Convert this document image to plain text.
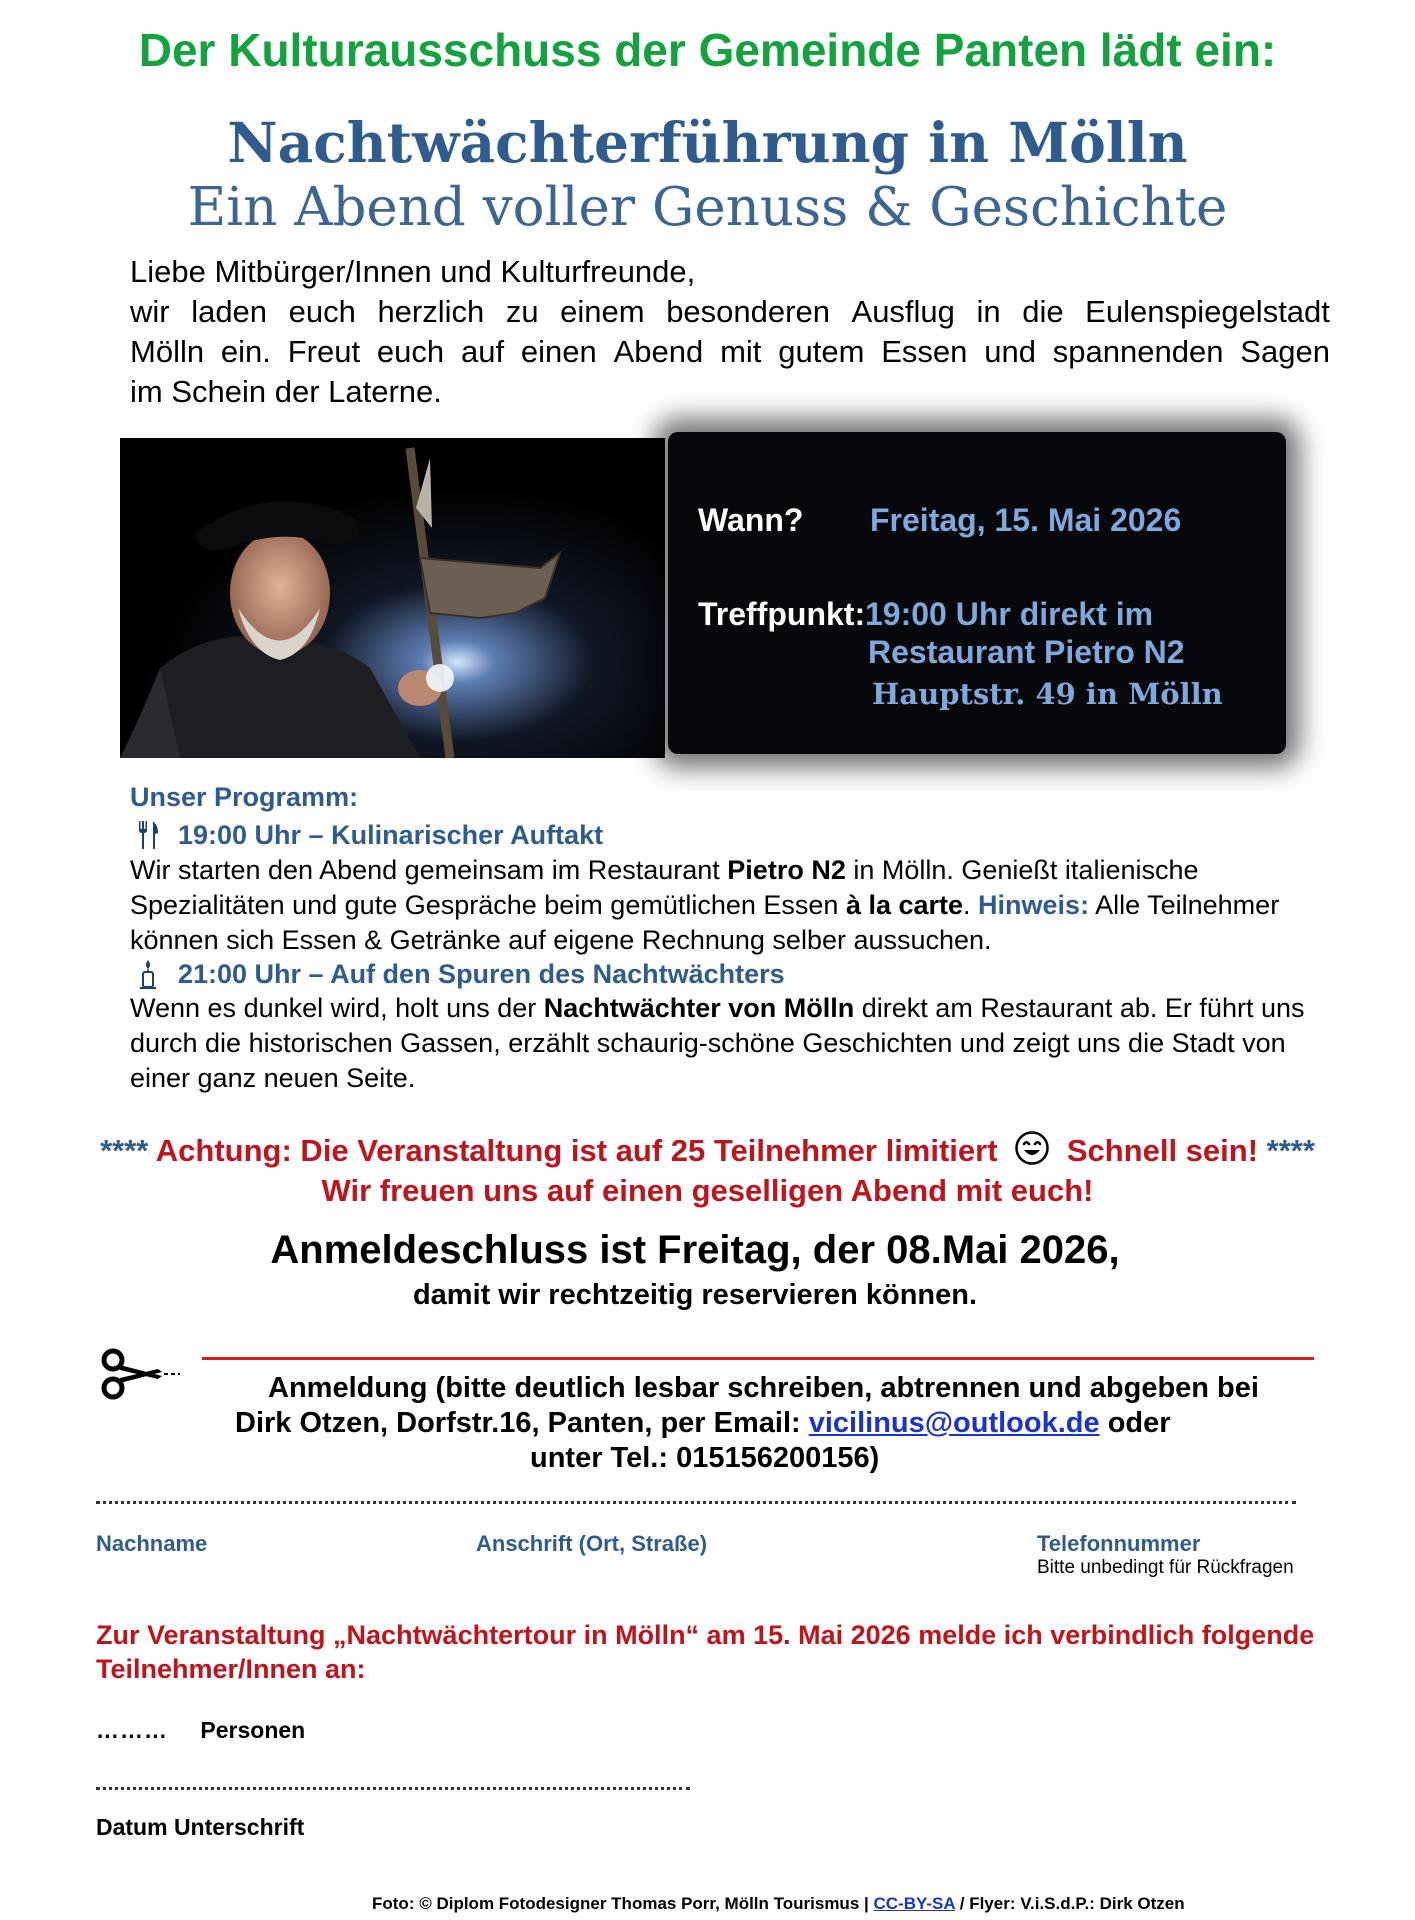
Der Kulturausschuss der Gemeinde Panten lädt ein:
Nachtwächterführung in Mölln
Ein Abend voller Genuss & Geschichte
Liebe Mitbürger/Innen und Kulturfreunde,
wir laden euch herzlich zu einem besonderen Ausflug in die Eulenspiegelstadt
Mölln ein. Freut euch auf einen Abend mit gutem Essen und spannenden Sagen
im Schein der Laterne.
Wann? Freitag, 15. Mai 2026
Treffpunkt: 19:00 Uhr direkt im
Restaurant Pietro N2
Hauptstr. 49 in Mölln
Unser Programm:
19:00 Uhr – Kulinarischer Auftakt
Wir starten den Abend gemeinsam im Restaurant Pietro N2 in Mölln. Genießt italienische Spezialitäten und gute Gespräche beim gemütlichen Essen à la carte. Hinweis: Alle Teilnehmer können sich Essen & Getränke auf eigene Rechnung selber aussuchen.
21:00 Uhr – Auf den Spuren des Nachtwächters
Wenn es dunkel wird, holt uns der Nachtwächter von Mölln direkt am Restaurant ab. Er führt uns durch die historischen Gassen, erzählt schaurig-schöne Geschichten und zeigt uns die Stadt von einer ganz neuen Seite.
**** Achtung: Die Veranstaltung ist auf 25 Teilnehmer limitiert Schnell sein! ****
Wir freuen uns auf einen geselligen Abend mit euch!
Anmeldeschluss ist Freitag, der 08.Mai 2026,
damit wir rechtzeitig reservieren können.
Anmeldung (bitte deutlich lesbar schreiben, abtrennen und abgeben bei
Dirk Otzen, Dorfstr.16, Panten, per Email: vicilinus@outlook.de oder
unter Tel.: 015156200156)
Nachname	Anschrift (Ort, Straße)	Telefonnummer
Bitte unbedingt für Rückfragen
Zur Veranstaltung „Nachtwächtertour in Mölln“ am 15. Mai 2026 melde ich verbindlich folgende Teilnehmer/Innen an:
……… Personen
Datum Unterschrift
Foto: © Diplom Fotodesigner Thomas Porr, Mölln Tourismus | CC-BY-SA / Flyer: V.i.S.d.P.: Dirk Otzen
